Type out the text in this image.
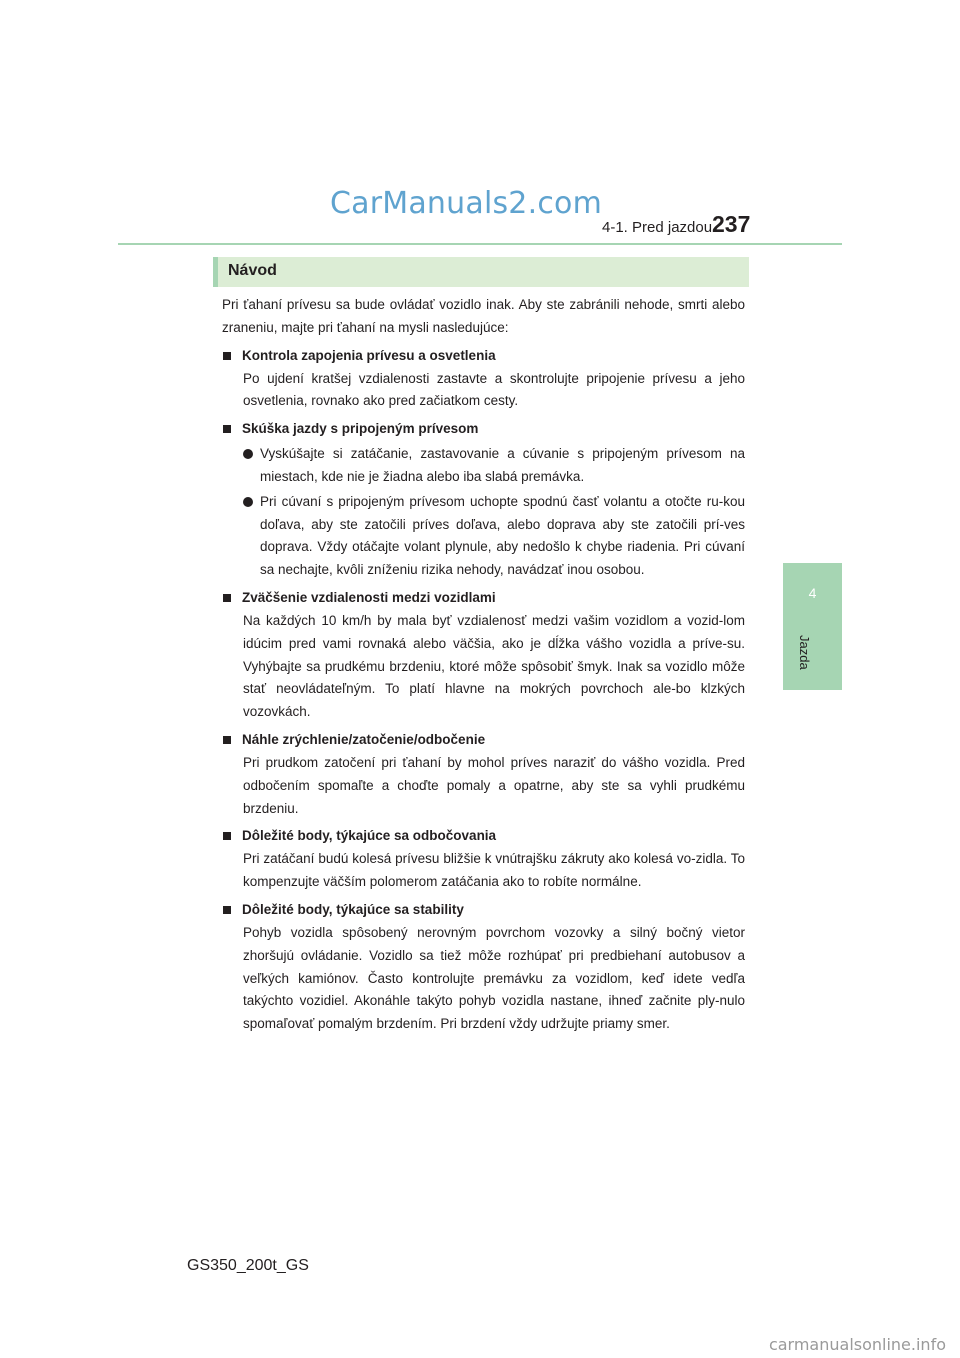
CarManuals2.com
4-1. Pred jazdou 237
4
Jazda
Návod

Pri ťahaní prívesu sa bude ovládať vozidlo inak. Aby ste zabránili nehode, smrti alebo zraneniu, majte pri ťahaní na mysli nasledujúce:

Kontrola zapojenia prívesu a osvetlenia
Po ujdení kratšej vzdialenosti zastavte a skontrolujte pripojenie prívesu a jeho osvetlenia, rovnako ako pred začiatkom cesty.
Skúška jazdy s pripojeným prívesom
Vyskúšajte si zatáčanie, zastavovanie a cúvanie s pripojeným prívesom na miestach, kde nie je žiadna alebo iba slabá premávka.
Pri cúvaní s pripojeným prívesom uchopte spodnú časť volantu a otočte ru-kou doľava, aby ste zatočili príves doľava, alebo doprava aby ste zatočili prí-ves doprava. Vždy otáčajte volant plynule, aby nedošlo k chybe riadenia. Pri cúvaní sa nechajte, kvôli zníženiu rizika nehody, navádzať inou osobou.
Zväčšenie vzdialenosti medzi vozidlami
Na každých 10 km/h by mala byť vzdialenosť medzi vašim vozidlom a vozid-lom idúcim pred vami rovnaká alebo väčšia, ako je dĺžka vášho vozidla a príve-su. Vyhýbajte sa prudkému brzdeniu, ktoré môže spôsobiť šmyk. Inak sa vozidlo môže stať neovládateľným. To platí hlavne na mokrých povrchoch ale-bo klzkých vozovkách.
Náhle zrýchlenie/zatočenie/odbočenie
Pri prudkom zatočení pri ťahaní by mohol príves naraziť do vášho vozidla. Pred odbočením spomaľte a choďte pomaly a opatrne, aby ste sa vyhli prudkému brzdeniu.
Dôležité body, týkajúce sa odbočovania
Pri zatáčaní budú kolesá prívesu bližšie k vnútrajšku zákruty ako kolesá vo-zidla. To kompenzujte väčším polomerom zatáčania ako to robíte normálne.
Dôležité body, týkajúce sa stability
Pohyb vozidla spôsobený nerovným povrchom vozovky a silný bočný vietor zhoršujú ovládanie. Vozidlo sa tiež môže rozhúpať pri predbiehaní autobusov a veľkých kamiónov. Často kontrolujte premávku za vozidlom, keď idete vedľa takýchto vozidiel. Akonáhle takýto pohyb vozidla nastane, ihneď začnite ply-nulo spomaľovať pomalým brzdením. Pri brzdení vždy udržujte priamy smer.
GS350_200t_GS
carmanualsonline.info
